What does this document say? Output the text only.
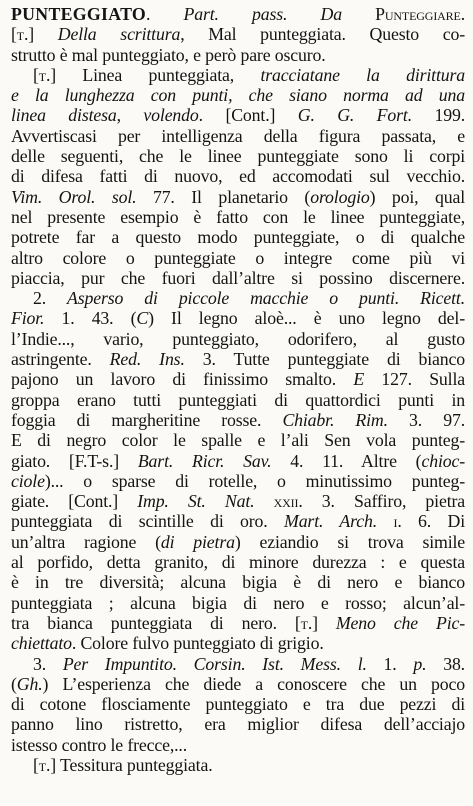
PUNTEGGIATO. Part. pass. Da Punteggiare.
[t.] Della scrittura, Mal punteggiata. Questo co-
strutto è mal punteggiato, e però pare oscuro.
[t.] Linea punteggiata, tracciatane la dirittura
e la lunghezza con punti, che siano norma ad una
linea distesa, volendo. [Cont.] G. G. Fort. 199.
Avvertiscasi per intelligenza della figura passata, e
delle seguenti, che le linee punteggiate sono li corpi
di difesa fatti di nuovo, ed accomodati sul vecchio.
Vim. Orol. sol. 77. Il planetario (orologio) poi, qual
nel presente esempio è fatto con le linee punteggiate,
potrete far a questo modo punteggiate, o di qualche
altro colore o punteggiate o integre come più vi
piaccia, pur che fuori dall’altre si possino discernere.
2. Asperso di piccole macchie o punti. Ricett.
Fior. 1. 43. (C) Il legno aloè... è uno legno del-
l’Indie..., vario, punteggiato, odorifero, al gusto
astringente. Red. Ins. 3. Tutte punteggiate di bianco
pajono un lavoro di finissimo smalto. E 127. Sulla
groppa erano tutti punteggiati di quattordici punti in
foggia di margheritine rosse. Chiabr. Rim. 3. 97.
E di negro color le spalle e l’ali Sen vola punteg-
giato. [F.T-s.] Bart. Ricr. Sav. 4. 11. Altre (chioc-
ciole)... o sparse di rotelle, o minutissimo punteg-
giate. [Cont.] Imp. St. Nat. xxii. 3. Saffiro, pietra
punteggiata di scintille di oro. Mart. Arch. i. 6. Di
un’altra ragione (di pietra) eziandio si trova simile
al porfido, detta granito, di minore durezza : e questa
è in tre diversità; alcuna bigia è di nero e bianco
punteggiata ; alcuna bigia di nero e rosso; alcun’al-
tra bianca punteggiata di nero. [t.] Meno che Pic-
chiettato. Colore fulvo punteggiato di grigio.
3. Per Impuntito. Corsin. Ist. Mess. l. 1. p. 38.
(Gh.) L’esperienza che diede a conoscere che un poco
di cotone flosciamente punteggiato e tra due pezzi di
panno lino ristretto, era miglior difesa dell’acciajo
istesso contro le frecce,...
[t.] Tessitura punteggiata.
